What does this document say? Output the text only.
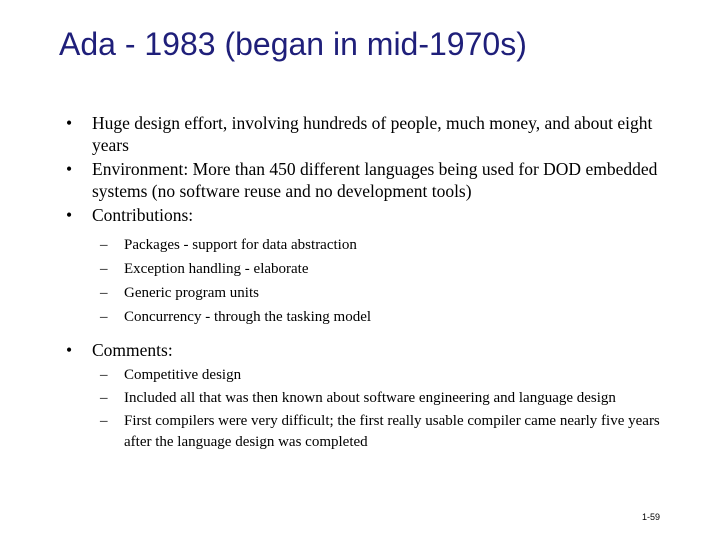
Ada - 1983 (began in mid-1970s)
• Huge design effort, involving hundreds of people, much money, and about eight years
• Environment: More than 450 different languages being used for DOD embedded systems (no software reuse and no development tools)
• Contributions:
– Packages - support for data abstraction
– Exception handling - elaborate
– Generic program units
– Concurrency - through the tasking model
• Comments:
– Competitive design
– Included all that was then known about software engineering and language design
– First compilers were very difficult; the first really usable compiler came nearly five years after the language design was completed
1-59
